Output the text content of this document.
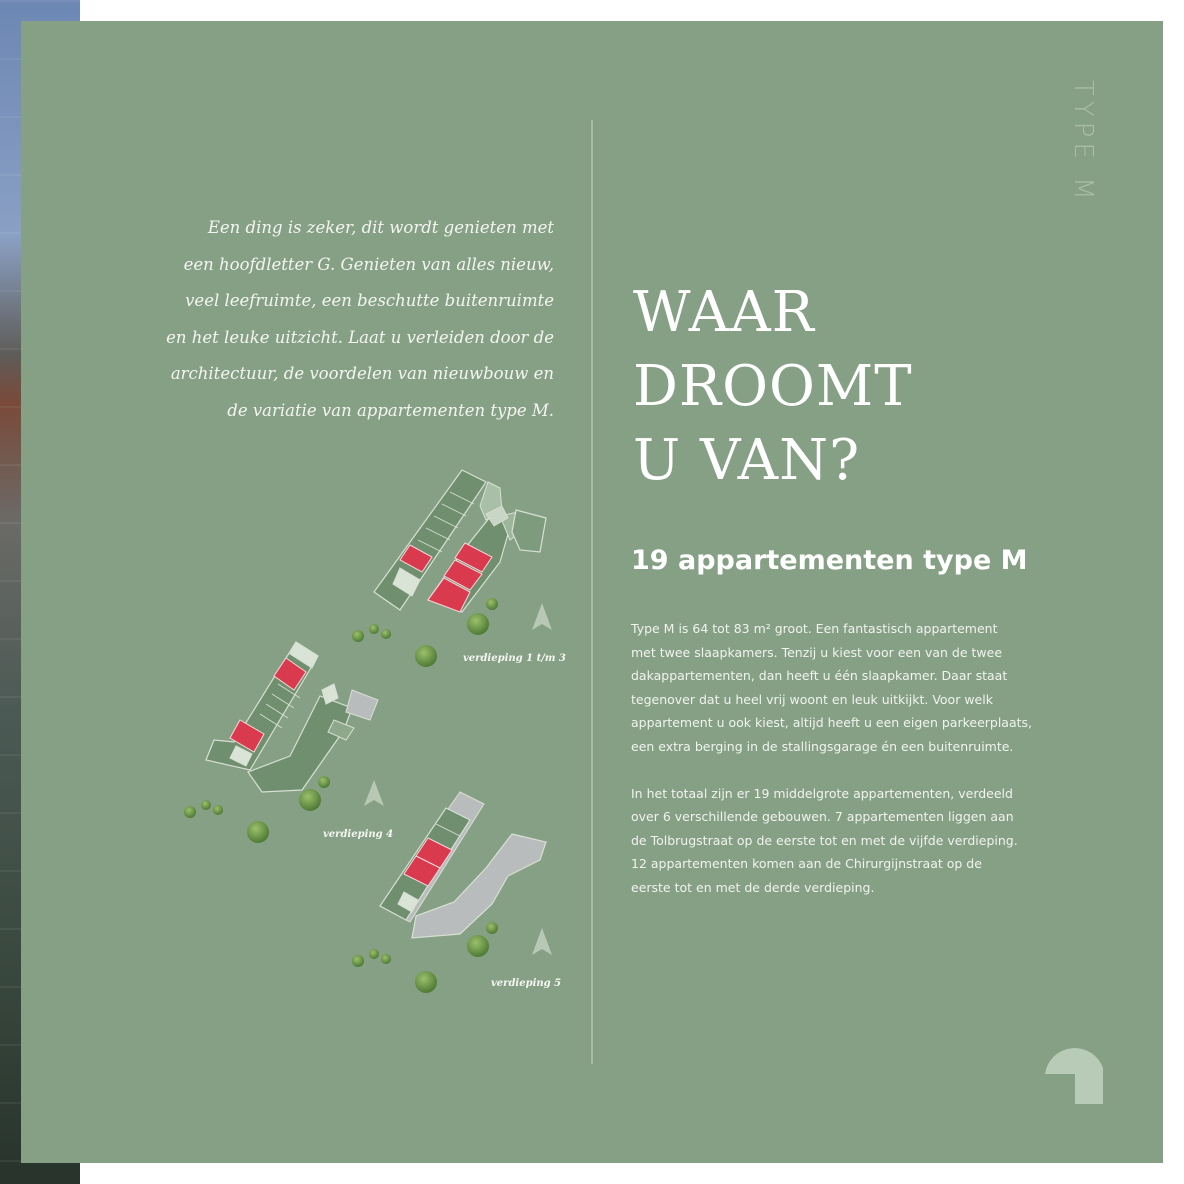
TYPE M
Een ding is zeker, dit wordt genieten met
een hoofdletter G. Genieten van alles nieuw,
veel leefruimte, een beschutte buitenruimte
en het leuke uitzicht. Laat u verleiden door de
architectuur, de voordelen van nieuwbouw en
de variatie van appartementen type M.
WAAR
DROOMT
U VAN?
19 appartementen type M
Type M is 64 tot 83 m² groot. Een fantastisch appartement
met twee slaapkamers. Tenzij u kiest voor een van de twee
dakappartementen, dan heeft u één slaapkamer. Daar staat
tegenover dat u heel vrij woont en leuk uitkijkt. Voor welk
appartement u ook kiest, altijd heeft u een eigen parkeerplaats,
een extra berging in de stallingsgarage én een buitenruimte.
In het totaal zijn er 19 middelgrote appartementen, verdeeld
over 6 verschillende gebouwen. 7 appartementen liggen aan
de Tolbrugstraat op de eerste tot en met de vijfde verdieping.
12 appartementen komen aan de Chirurgijnstraat op de
eerste tot en met de derde verdieping.
verdieping 1 t/m 3
verdieping 4
verdieping 5
